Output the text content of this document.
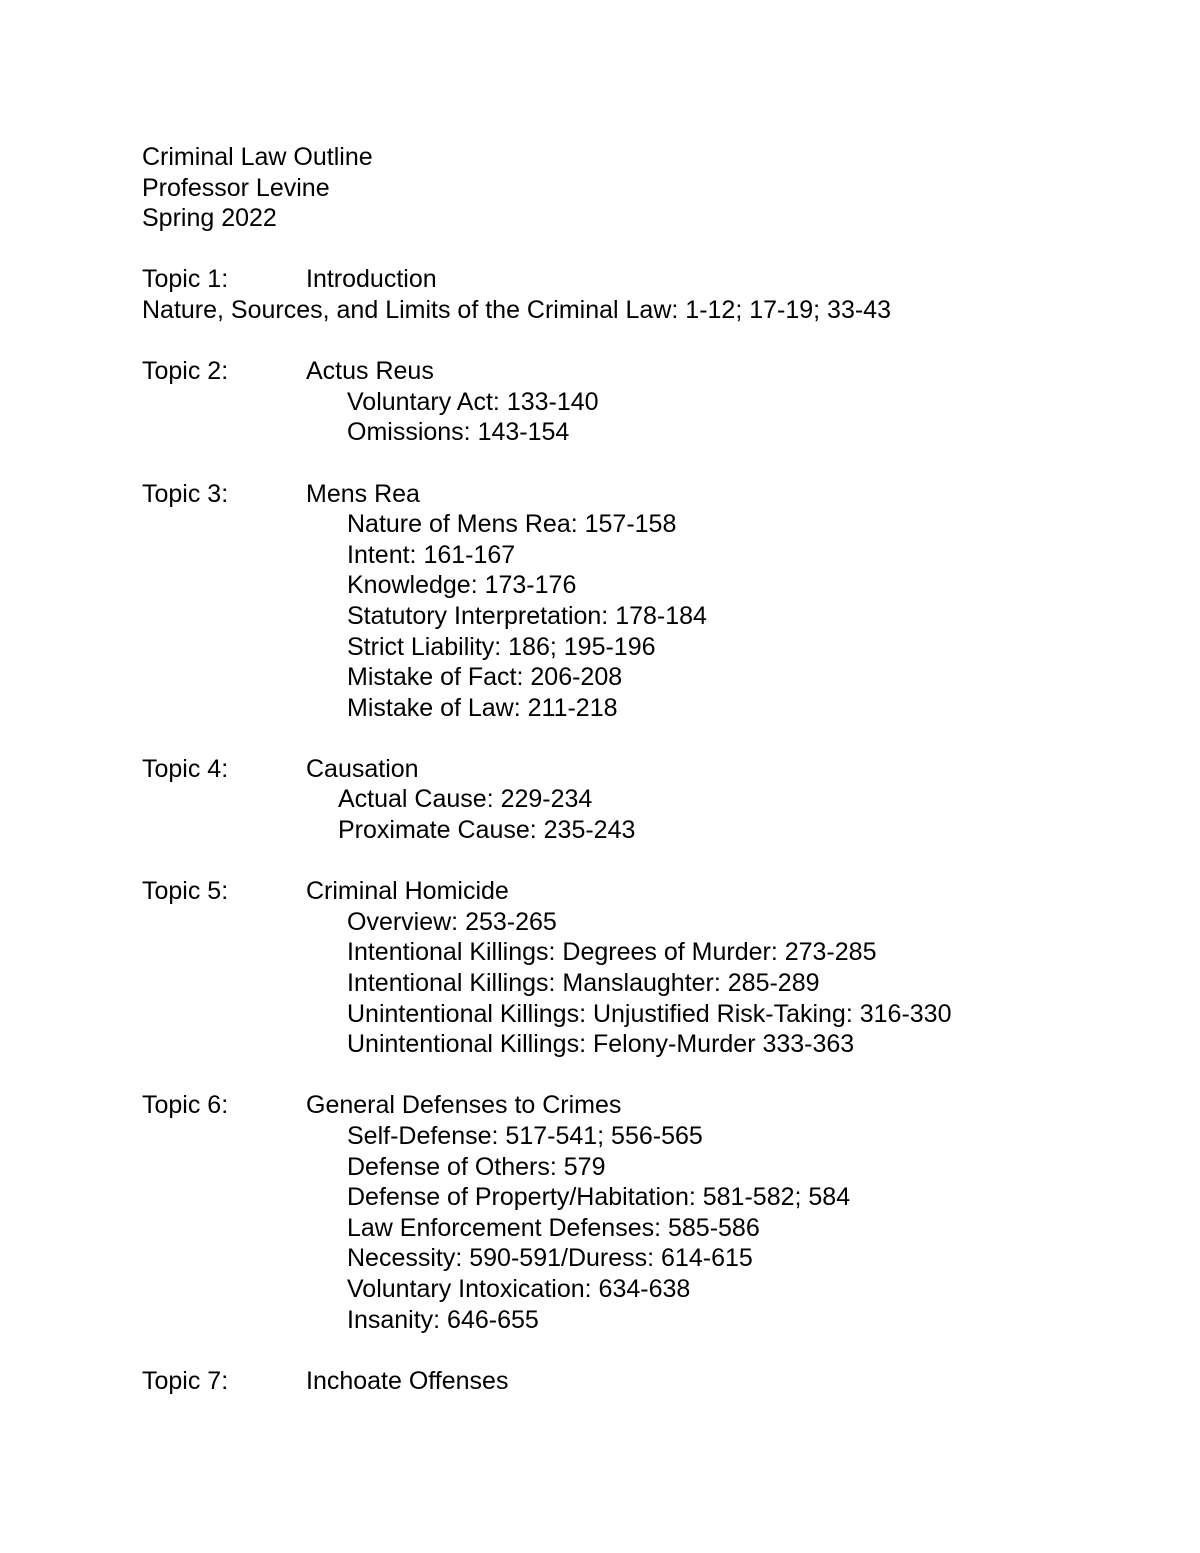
Criminal Law Outline
Professor Levine
Spring 2022
Topic 1:	Introduction
Nature, Sources, and Limits of the Criminal Law: 1-12; 17-19; 33-43
Topic 2:	Actus Reus
Voluntary Act: 133-140
Omissions: 143-154
Topic 3:	Mens Rea
Nature of Mens Rea: 157-158
Intent: 161-167
Knowledge: 173-176
Statutory Interpretation: 178-184
Strict Liability: 186; 195-196
Mistake of Fact: 206-208
Mistake of Law: 211-218
Topic 4:	Causation
Actual Cause: 229-234
Proximate Cause: 235-243
Topic 5:	Criminal Homicide
Overview: 253-265
Intentional Killings: Degrees of Murder: 273-285
Intentional Killings: Manslaughter: 285-289
Unintentional Killings: Unjustified Risk-Taking: 316-330
Unintentional Killings: Felony-Murder 333-363
Topic 6:	General Defenses to Crimes
Self-Defense: 517-541; 556-565
Defense of Others: 579
Defense of Property/Habitation: 581-582; 584
Law Enforcement Defenses: 585-586
Necessity: 590-591/Duress: 614-615
Voluntary Intoxication: 634-638
Insanity: 646-655
Topic 7:	Inchoate Offenses
